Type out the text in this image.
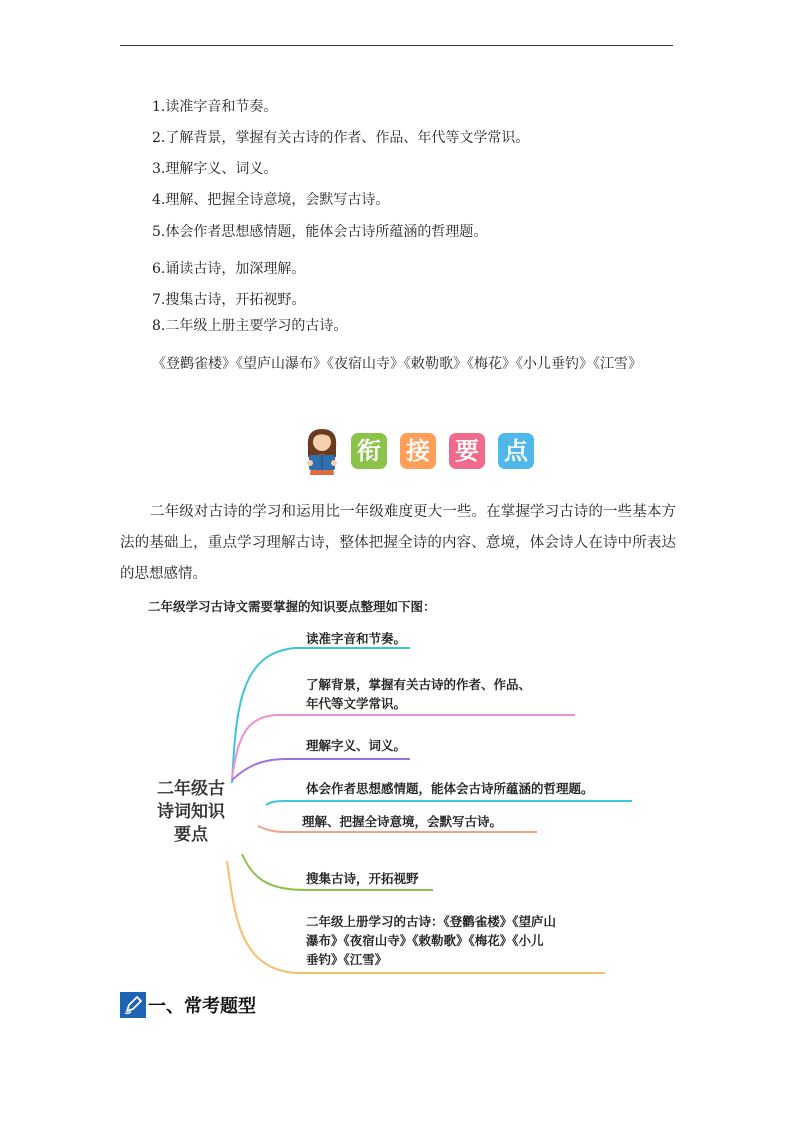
1.读准字音和节奏。
2.了解背景，掌握有关古诗的作者、作品、年代等文学常识。
3.理解字义、词义。
4.理解、把握全诗意境，会默写古诗。
5.体会作者思想感情题，能体会古诗所蕴涵的哲理题。
6.诵读古诗，加深理解。
7.搜集古诗，开拓视野。
8.二年级上册主要学习的古诗。
《登鹳雀楼》《望庐山瀑布》《夜宿山寺》《敕勒歌》《梅花》《小儿垂钓》《江雪》
衔 接 要 点
二年级对古诗的学习和运用比一年级难度更大一些。在掌握学习古诗的一些基本方法的基础上，重点学习理解古诗，整体把握全诗的内容、意境，体会诗人在诗中所表达的思想感情。
二年级学习古诗文需要掌握的知识要点整理如下图：
二年级古
诗词知识
要点
读准字音和节奏。
了解背景，掌握有关古诗的作者、作品、
年代等文学常识。
理解字义、词义。
体会作者思想感情题，能体会古诗所蕴涵的哲理题。
理解、把握全诗意境，会默写古诗。
搜集古诗，开拓视野
二年级上册学习的古诗：《登鹳雀楼》《望庐山
瀑布》《夜宿山寺》《敕勒歌》《梅花》《小儿
垂钓》《江雪》
一、常考题型
